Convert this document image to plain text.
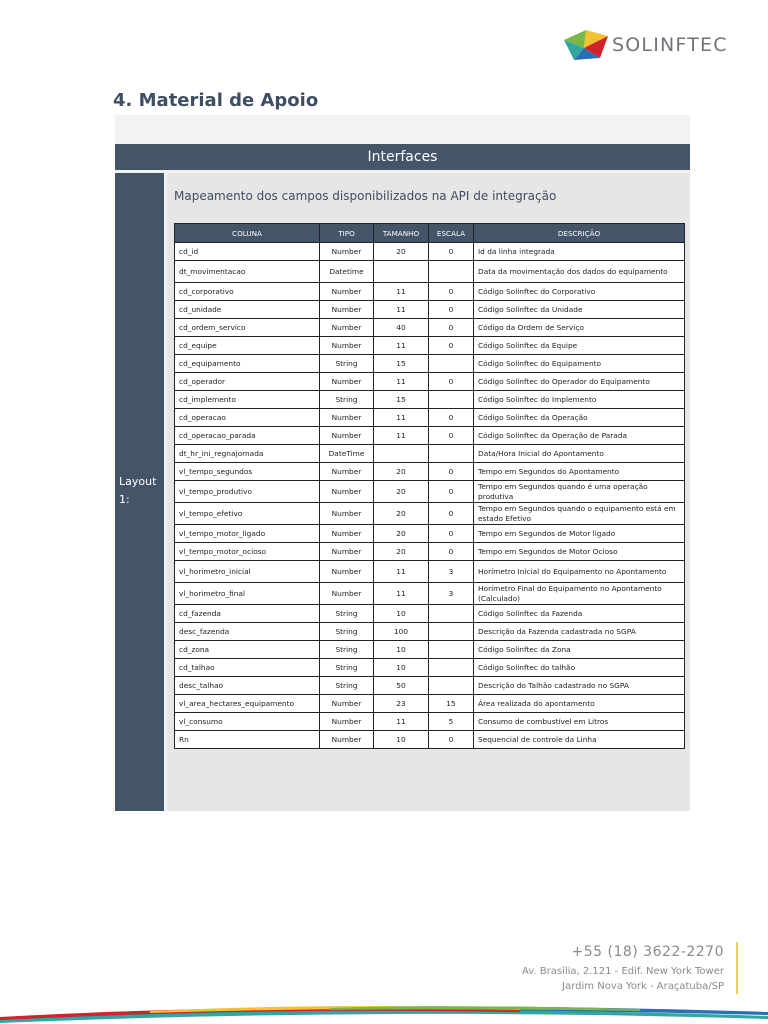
SOLINFTEC
4. Material de Apoio
Interfaces
Layout 1:
Mapeamento dos campos disponibilizados na API de integração
COLUNA	TIPO	TAMANHO	ESCALA	DESCRIÇÃO
cd_id	Number	20	0	Id da linha integrada
dt_movimentacao	Datetime			Data da movimentação dos dados do equipamento
cd_corporativo	Number	11	0	Código Solinftec do Corporativo
cd_unidade	Number	11	0	Código Solinftec da Unidade
cd_ordem_servico	Number	40	0	Código da Ordem de Serviço
cd_equipe	Number	11	0	Código Solinftec da Equipe
cd_equipamento	String	15		Código Solinftec do Equipamento
cd_operador	Number	11	0	Código Solinftec do Operador do Equipamento
cd_implemento	String	15		Código Solinftec do Implemento
cd_operacao	Number	11	0	Código Solinftec da Operação
cd_operacao_parada	Number	11	0	Código Solinftec da Operação de Parada
dt_hr_ini_regnajornada	DateTime			Data/Hora Inicial do Apontamento
vl_tempo_segundos	Number	20	0	Tempo em Segundos do Apontamento
vl_tempo_produtivo	Number	20	0	Tempo em Segundos quando é uma operação produtiva
vl_tempo_efetivo	Number	20	0	Tempo em Segundos quando o equipamento está em estado Efetivo
vl_tempo_motor_ligado	Number	20	0	Tempo em Segundos de Motor ligado
vl_tempo_motor_ocioso	Number	20	0	Tempo em Segundos de Motor Ocioso
vl_horimetro_inicial	Number	11	3	Horímetro Inicial do Equipamento no Apontamento
vl_horimetro_final	Number	11	3	Horímetro Final do Equipamento no Apontamento (Calculado)
cd_fazenda	String	10		Código Solinftec da Fazenda
desc_fazenda	String	100		Descrição da Fazenda cadastrada no SGPA
cd_zona	String	10		Código Solinftec da Zona
cd_talhao	String	10		Código Solinftec do talhão
desc_talhao	String	50		Descrição do Talhão cadastrado no SGPA
vl_area_hectares_equipamento	Number	23	15	Área realizada do apontamento
vl_consumo	Number	11	5	Consumo de combustível em Litros
Rn	Number	10	0	Sequencial de controle da Linha
+55 (18) 3622-2270
Av. Brasília, 2.121 - Edif. New York Tower
Jardim Nova York - Araçatuba/SP
